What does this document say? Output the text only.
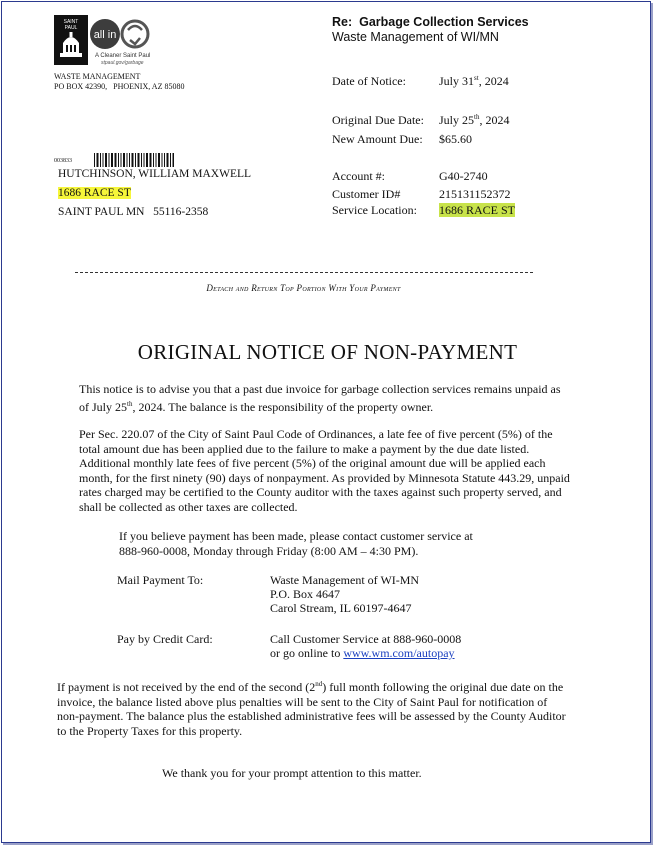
SAINT
PAUL
all in
A Cleaner Saint Paul
stpaul.gov/garbage
WASTE MANAGEMENT
PO BOX 42390,   PHOENIX, AZ 85080
Re: Garbage Collection Services
Waste Management of WI/MN
Date of Notice:	July 31st, 2024
Original Due Date: July 25th, 2024
New Amount Due: $65.60
Account #:	G40-2740
Customer ID#	215131152372
Service Location: 1686 RACE ST
003833
HUTCHINSON, WILLIAM MAXWELL
1686 RACE ST
SAINT PAUL MN   55116-2358
Detach and Return Top Portion With Your Payment
ORIGINAL NOTICE OF NON-PAYMENT
This notice is to advise you that a past due invoice for garbage collection services remains unpaid as
of July 25th, 2024. The balance is the responsibility of the property owner.
Per Sec. 220.07 of the City of Saint Paul Code of Ordinances, a late fee of five percent (5%) of the
total amount due has been applied due to the failure to make a payment by the due date listed.
Additional monthly late fees of five percent (5%) of the original amount due will be applied each
month, for the first ninety (90) days of nonpayment. As provided by Minnesota Statute 443.29, unpaid
rates charged may be certified to the County auditor with the taxes against such property served, and
shall be collected as other taxes are collected.
If you believe payment has been made, please contact customer service at
888-960-0008, Monday through Friday (8:00 AM – 4:30 PM).
Mail Payment To:	Waste Management of WI-MN
P.O. Box 4647
Carol Stream, IL 60197-4647
Pay by Credit Card:	Call Customer Service at 888-960-0008
or go online to www.wm.com/autopay
If payment is not received by the end of the second (2nd) full month following the original due date on the
invoice, the balance listed above plus penalties will be sent to the City of Saint Paul for notification of
non-payment. The balance plus the established administrative fees will be assessed by the County Auditor
to the Property Taxes for this property.
We thank you for your prompt attention to this matter.
